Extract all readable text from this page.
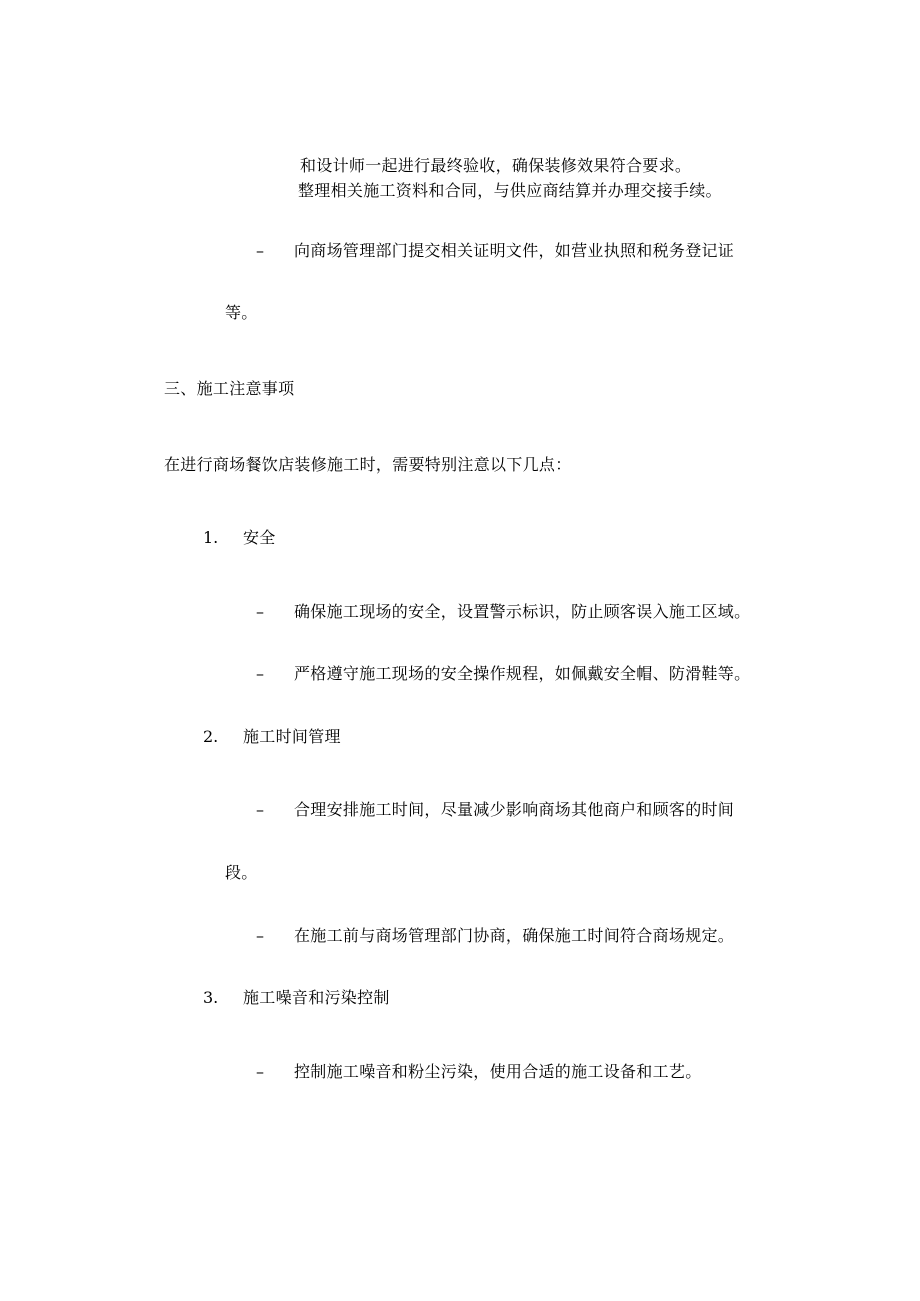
和设计师一起进行最终验收，确保装修效果符合要求。
整理相关施工资料和合同，与供应商结算并办理交接手续。
– 向商场管理部门提交相关证明文件，如营业执照和税务登记证
等。
三、施工注意事项
在进行商场餐饮店装修施工时，需要特别注意以下几点：
1. 安全
– 确保施工现场的安全，设置警示标识，防止顾客误入施工区域。
– 严格遵守施工现场的安全操作规程，如佩戴安全帽、防滑鞋等。
2. 施工时间管理
– 合理安排施工时间，尽量减少影响商场其他商户和顾客的时间
段。
– 在施工前与商场管理部门协商，确保施工时间符合商场规定。
3. 施工噪音和污染控制
– 控制施工噪音和粉尘污染，使用合适的施工设备和工艺。
